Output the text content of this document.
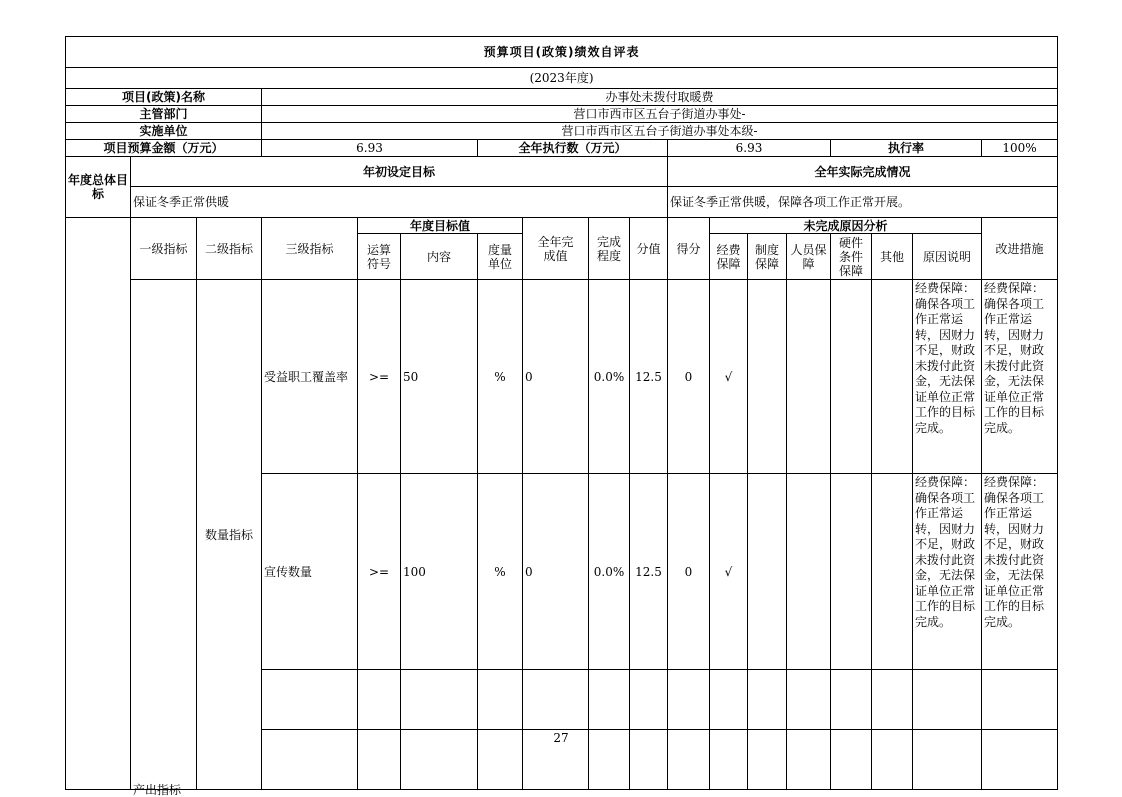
预算项目(政策)绩效自评表																	
(2023年度)																	
项目(政策)名称			办事处未拨付取暖费														
主管部门			营口市西市区五台子街道办事处-														
实施单位			营口市西市区五台子街道办事处本级-														
项目预算金额（万元）			6.93			全年执行数（万元）				6.93				执行率			100%
年度总体目标	年初设定目标									全年实际完成情况							
	保证冬季正常供暖									保证冬季正常供暖，保障各项工作正常开展。							
	一级指标	二级指标	三级指标	年度目标值			全年完成值	完成程度	分值	得分	未完成原因分析						改进措施
				运算符号	内容	度量单位					经费保障	制度保障	人员保障	硬件条件保障	其他	原因说明	

	产出指标	数量指标	受益职工覆盖率	>=	50	%	0	0.0%	12.5	0	√					经费保障：确保各项工作正常运转，因财力不足，财政未拨付此资金，无法保证单位正常工作的目标完成。	经费保障：确保各项工作正常运转，因财力不足，财政未拨付此资金，无法保证单位正常工作的目标完成。
			宣传数量	>=	100	%	0	0.0%	12.5	0	√					经费保障：确保各项工作正常运转，因财力不足，财政未拨付此资金，无法保证单位正常工作的目标完成。	经费保障：确保各项工作正常运转，因财力不足，财政未拨付此资金，无法保证单位正常工作的目标完成。

27
